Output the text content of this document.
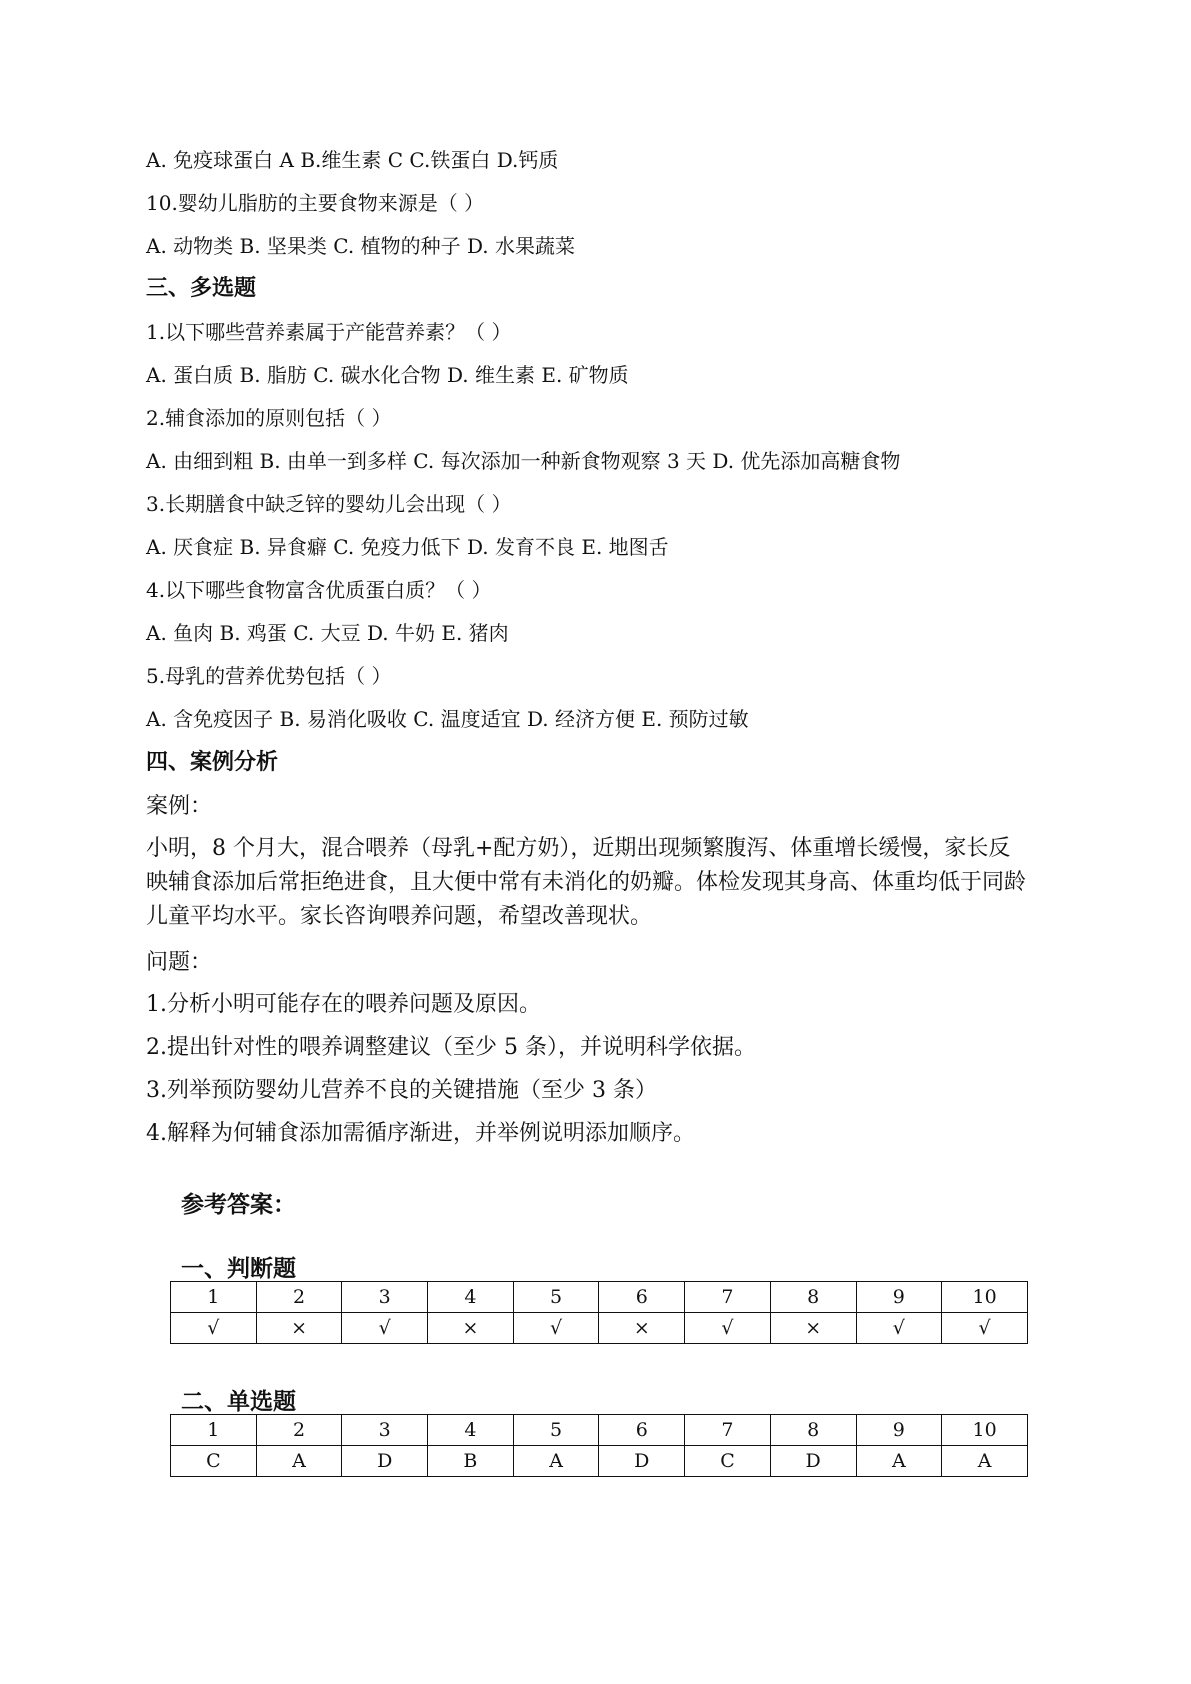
A. 免疫球蛋白 A B.维生素 C C.铁蛋白 D.钙质
10.婴幼儿脂肪的主要食物来源是（ ）
A. 动物类 B. 坚果类 C. 植物的种子 D. 水果蔬菜
三、多选题
1.以下哪些营养素属于产能营养素？（ ）
A. 蛋白质 B. 脂肪 C. 碳水化合物 D. 维生素 E. 矿物质
2.辅食添加的原则包括（ ）
A. 由细到粗 B. 由单一到多样 C. 每次添加一种新食物观察 3 天 D. 优先添加高糖食物
3.长期膳食中缺乏锌的婴幼儿会出现（ ）
A. 厌食症 B. 异食癖 C. 免疫力低下 D. 发育不良 E. 地图舌
4.以下哪些食物富含优质蛋白质？（ ）
A. 鱼肉 B. 鸡蛋 C. 大豆 D. 牛奶 E. 猪肉
5.母乳的营养优势包括（ ）
A. 含免疫因子 B. 易消化吸收 C. 温度适宜 D. 经济方便 E. 预防过敏
四、案例分析
案例：
小明，8 个月大，混合喂养（母乳+配方奶），近期出现频繁腹泻、体重增长缓慢，家长反映辅食添加后常拒绝进食，且大便中常有未消化的奶瓣。体检发现其身高、体重均低于同龄儿童平均水平。家长咨询喂养问题，希望改善现状。
问题：
1.分析小明可能存在的喂养问题及原因。
2.提出针对性的喂养调整建议（至少 5 条），并说明科学依据。
3.列举预防婴幼儿营养不良的关键措施（至少 3 条）
4.解释为何辅食添加需循序渐进，并举例说明添加顺序。
参考答案：
一、判断题
1	2	3	4	5	6	7	8	9	10
√	×	√	×	√	×	√	×	√	√
二、单选题
1	2	3	4	5	6	7	8	9	10
C	A	D	B	A	D	C	D	A	A
